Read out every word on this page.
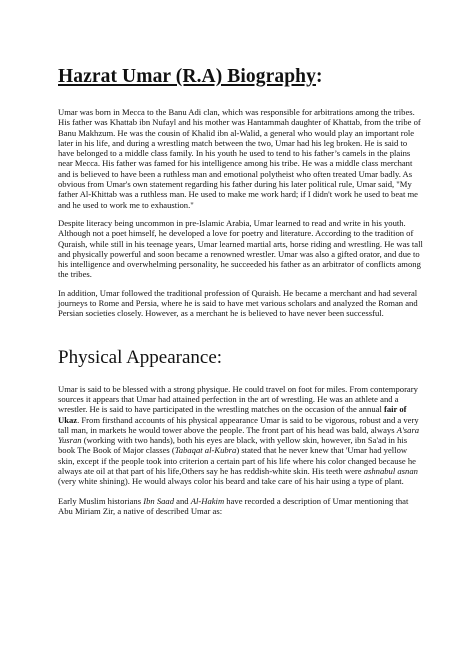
Hazrat Umar (R.A) Biography:

Umar was born in Mecca to the Banu Adi clan, which was responsible for arbitrations among the tribes. His father was Khattab ibn Nufayl and his mother was Hantammah daughter of Khattab, from the tribe of Banu Makhzum. He was the cousin of Khalid ibn al-Walid, a general who would play an important role later in his life, and during a wrestling match between the two, Umar had his leg broken. He is said to have belonged to a middle class family. In his youth he used to tend to his father’s camels in the plains near Mecca. His father was famed for his intelligence among his tribe. He was a middle class merchant and is believed to have been a ruthless man and emotional polytheist who often treated Umar badly. As obvious from Umar's own statement regarding his father during his later political rule, Umar said, "My father Al-Khittab was a ruthless man. He used to make me work hard; if I didn't work he used to beat me and he used to work me to exhaustion."

Despite literacy being uncommon in pre-Islamic Arabia, Umar learned to read and write in his youth. Although not a poet himself, he developed a love for poetry and literature. According to the tradition of Quraish, while still in his teenage years, Umar learned martial arts, horse riding and wrestling. He was tall and physically powerful and soon became a renowned wrestler. Umar was also a gifted orator, and due to his intelligence and overwhelming personality, he succeeded his father as an arbitrator of conflicts among the tribes.

In addition, Umar followed the traditional profession of Quraish. He became a merchant and had several journeys to Rome and Persia, where he is said to have met various scholars and analyzed the Roman and Persian societies closely. However, as a merchant he is believed to have never been successful.

Physical Appearance:

Umar is said to be blessed with a strong physique. He could travel on foot for miles. From contemporary sources it appears that Umar had attained perfection in the art of wrestling. He was an athlete and a wrestler. He is said to have participated in the wrestling matches on the occasion of the annual fair of Ukaz. From firsthand accounts of his physical appearance Umar is said to be vigorous, robust and a very tall man, in markets he would tower above the people. The front part of his head was bald, always A'sara Yusran (working with two hands), both his eyes are black, with yellow skin, however, ibn Sa'ad in his book The Book of Major classes (Tabaqat al-Kubra) stated that he never knew that 'Umar had yellow skin, except if the people took into criterion a certain part of his life where his color changed because he always ate oil at that part of his life,Others say he has reddish-white skin. His teeth were ashnabul asnan (very white shining). He would always color his beard and take care of his hair using a type of plant.

Early Muslim historians Ibn Saad and Al-Hakim have recorded a description of Umar mentioning that Abu Miriam Zir, a native of described Umar as:
